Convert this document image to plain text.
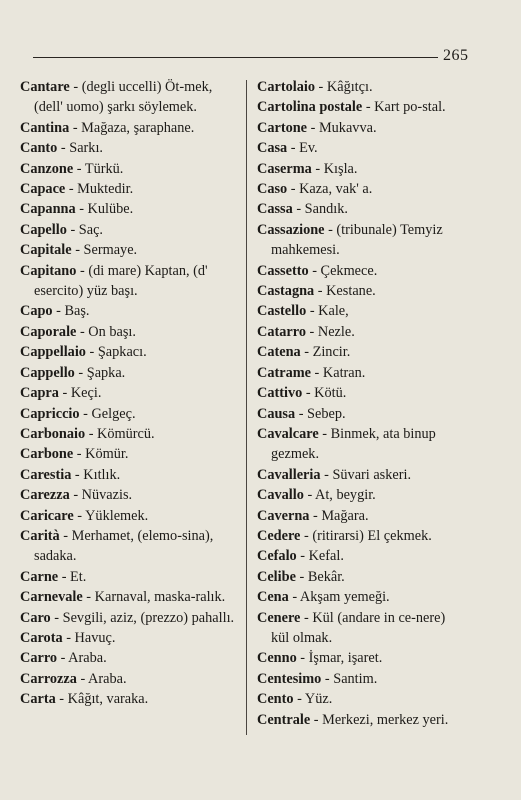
265
Cantare - (degli uccelli) Öt-mek, (dell' uomo) şarkı söylemek.
Cantina - Mağaza, şaraphane.
Canto - Sarkı.
Canzone - Türkü.
Capace - Muktedir.
Capanna - Kulübe.
Capello - Saç.
Capitale - Sermaye.
Capitano - (di mare) Kaptan, (d' esercito) yüz başı.
Capo - Baş.
Caporale - On başı.
Cappellaio - Şapkacı.
Cappello - Şapka.
Capra - Keçi.
Capriccio - Gelgeç.
Carbonaio - Kömürcü.
Carbone - Kömür.
Carestia - Kıtlık.
Carezza - Nüvazis.
Caricare - Yüklemek.
Carità - Merhamet, (elemo-sina), sadaka.
Carne - Et.
Carnevale - Karnaval, maska-ralık.
Caro - Sevgili, aziz, (prezzo) pahallı.
Carota - Havuç.
Carro - Araba.
Carrozza - Araba.
Carta - Kâğıt, varaka.
Cartolaio - Kâğıtçı.
Cartolina postale - Kart po-stal.
Cartone - Mukavva.
Casa - Ev.
Caserma - Kışla.
Caso - Kaza, vak' a.
Cassa - Sandık.
Cassazione - (tribunale) Temyiz mahkemesi.
Cassetto - Çekmece.
Castagna - Kestane.
Castello - Kale,
Catarro - Nezle.
Catena - Zincir.
Catrame - Katran.
Cattivo - Kötü.
Causa - Sebep.
Cavalcare - Binmek, ata binup gezmek.
Cavalleria - Süvari askeri.
Cavallo - At, beygir.
Caverna - Mağara.
Cedere - (ritirarsi) El çekmek.
Cefalo - Kefal.
Celibe - Bekâr.
Cena - Akşam yemeği.
Cenere - Kül (andare in ce-nere) kül olmak.
Cenno - İşmar, işaret.
Centesimo - Santim.
Cento - Yüz.
Centrale - Merkezi, merkez yeri.
